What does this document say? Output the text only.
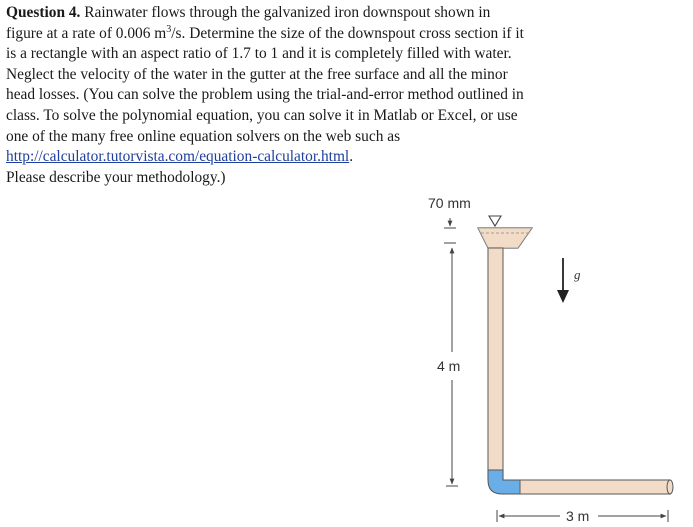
Question 4. Rainwater flows through the galvanized iron downspout shown in
figure at a rate of 0.006 $m^3/s$. Determine the size of the downspout cross section if it
is a rectangle with an aspect ratio of 1.7 to 1 and it is completely filled with water.
Neglect the velocity of the water in the gutter at the free surface and all the minor
head losses. (You can solve the problem using the trial-and-error method outlined in
class. To solve the polynomial equation, you can solve it in Matlab or Excel, or use
one of the many free online equation solvers on the web such as
http://calculator.tutorvista.com/equation-calculator.html.
Please describe your methodology.)
70 mm
4 m
3 m
g
